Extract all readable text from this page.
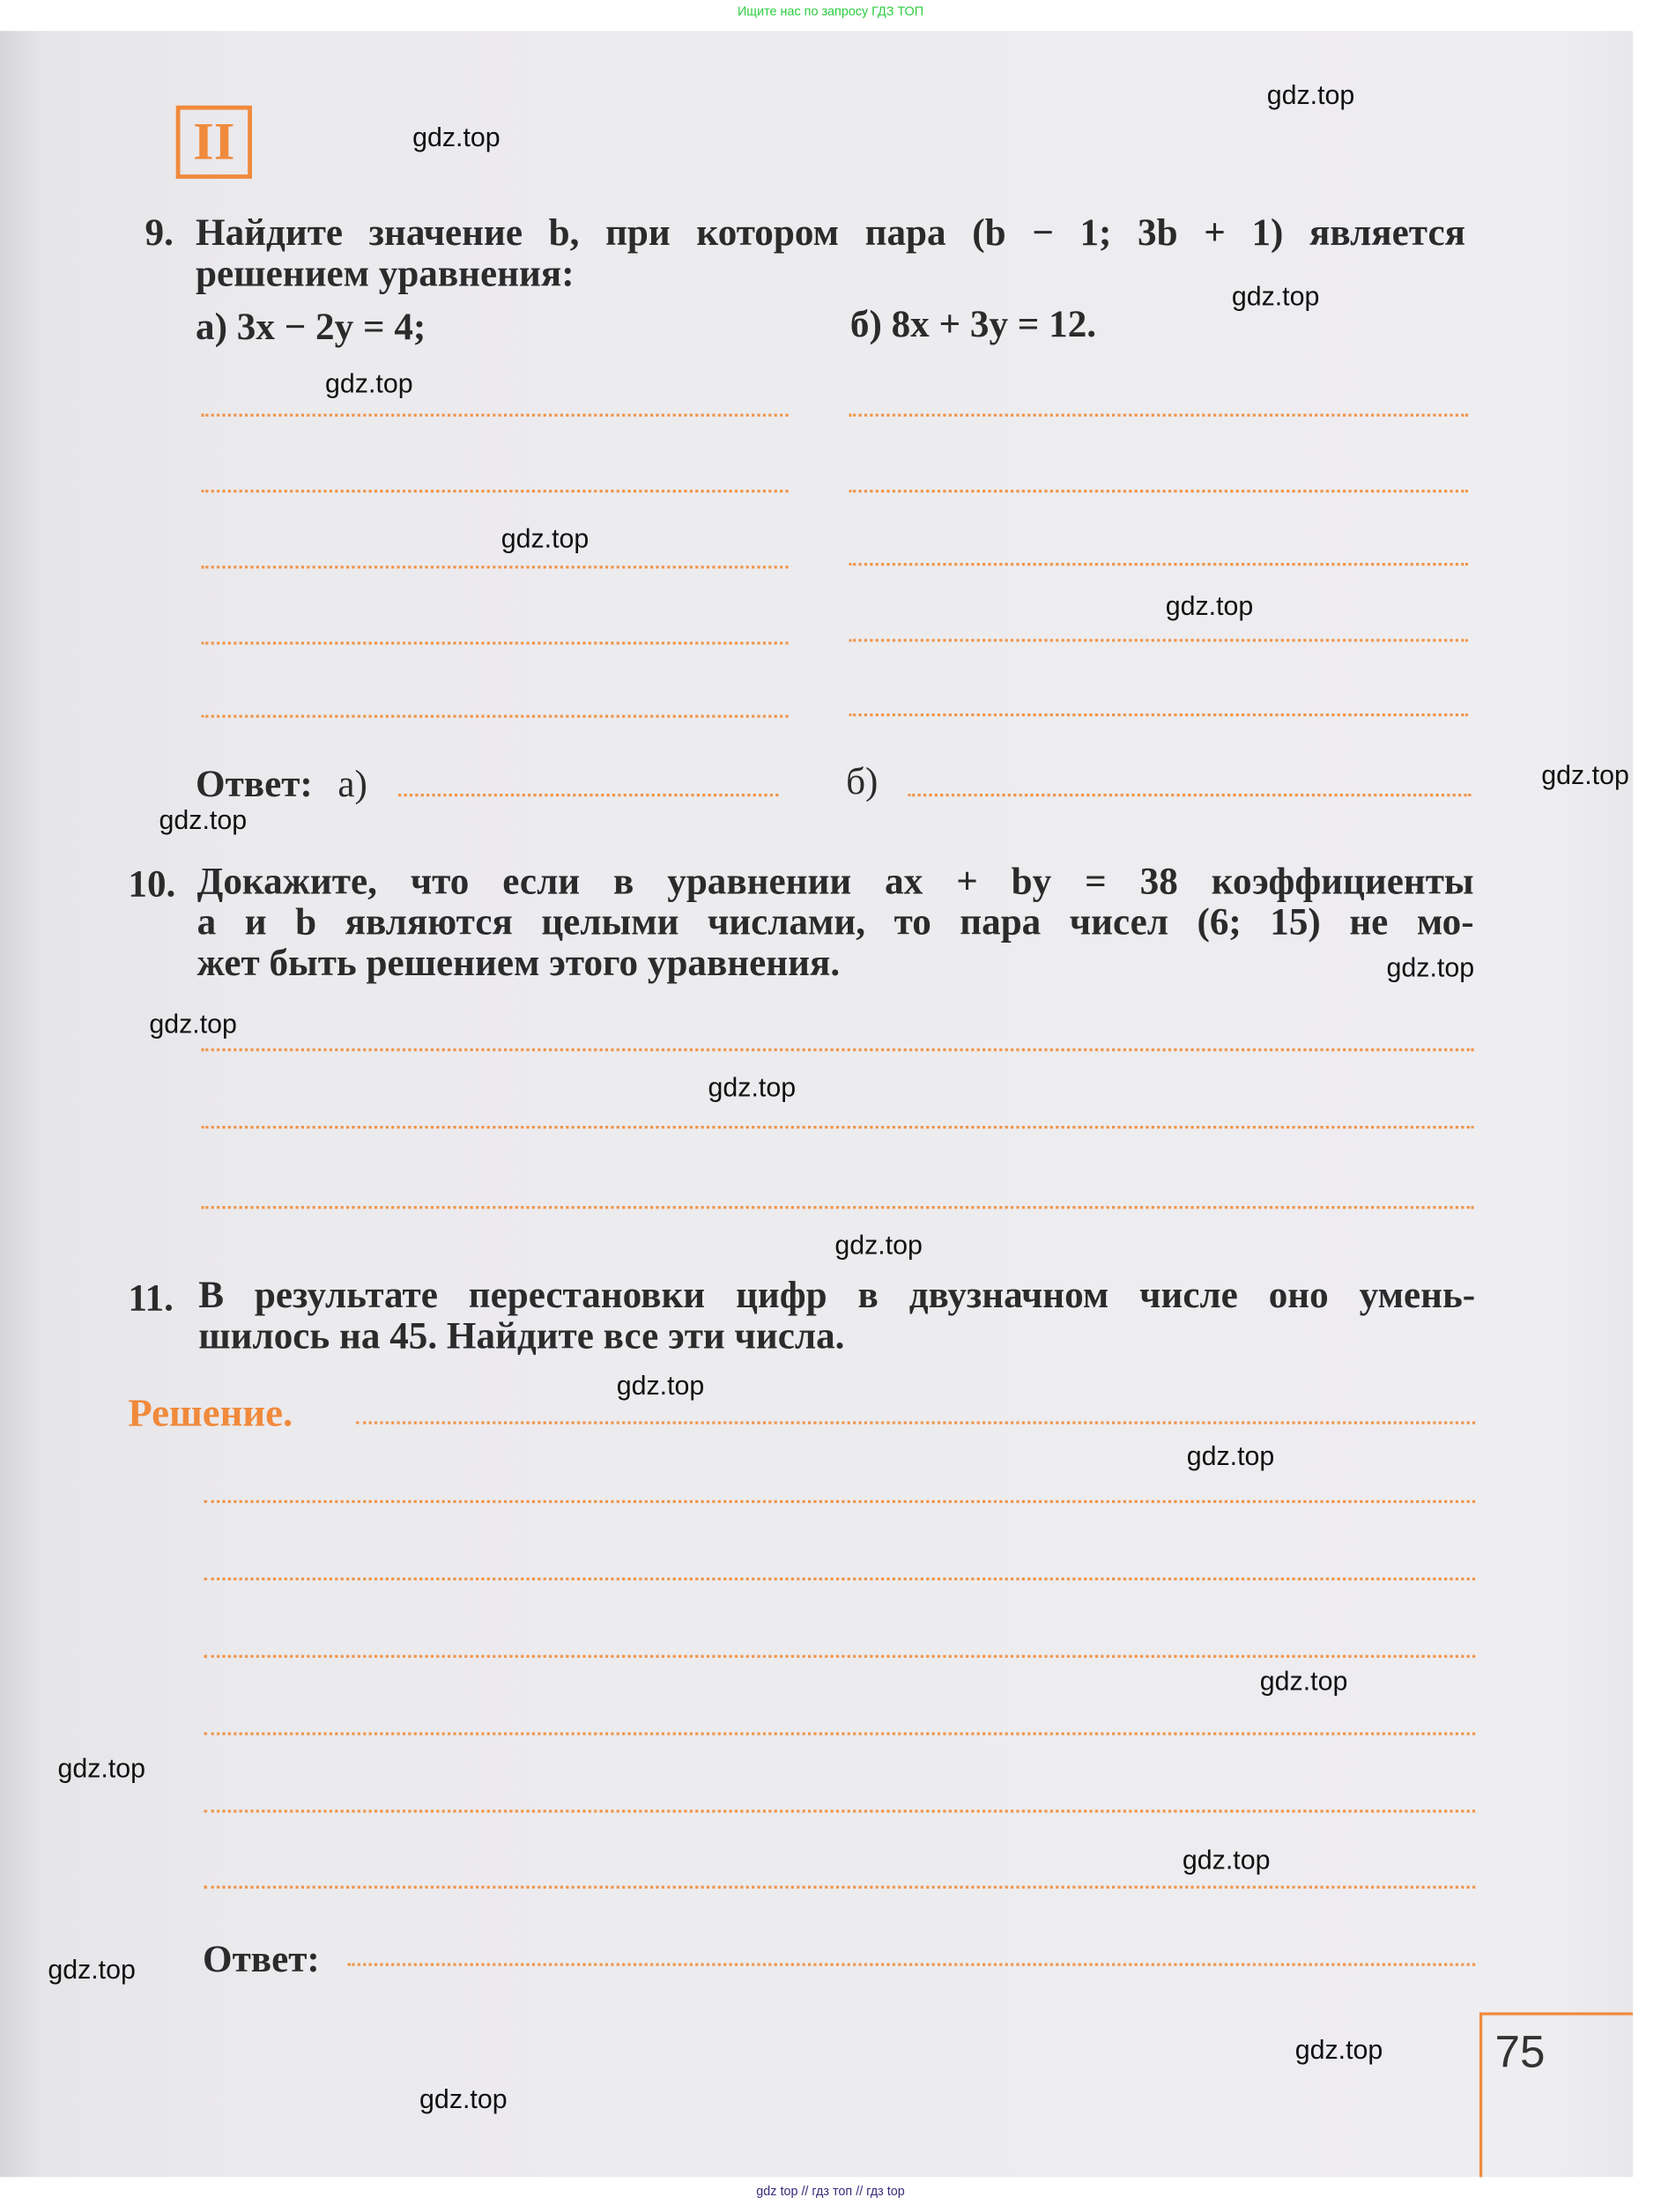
Ищите нас по запросу ГДЗ ТОП
II
9. Найдите значение b, при котором пара (b − 1; 3b + 1) является
решением уравнения:
а) 3x − 2y = 4;	б) 8x + 3y = 12.
Ответ: а)	б)
10. Докажите, что если в уравнении ax + by = 38 коэффициенты
a и b являются целыми числами, то пара чисел (6; 15) не мо-
жет быть решением этого уравнения.
11. В результате перестановки цифр в двузначном числе оно умень-
шилось на 45. Найдите все эти числа.
Решение.
Ответ:
75
gdz.top
gdz.top
gdz.top
gdz.top
gdz.top
gdz.top
gdz.top
gdz.top
gdz.top
gdz.top
gdz.top
gdz.top
gdz.top
gdz.top
gdz.top
gdz.top
gdz.top
gdz.top
gdz.top
gdz.top
gdz top // гдз топ // гдз top
